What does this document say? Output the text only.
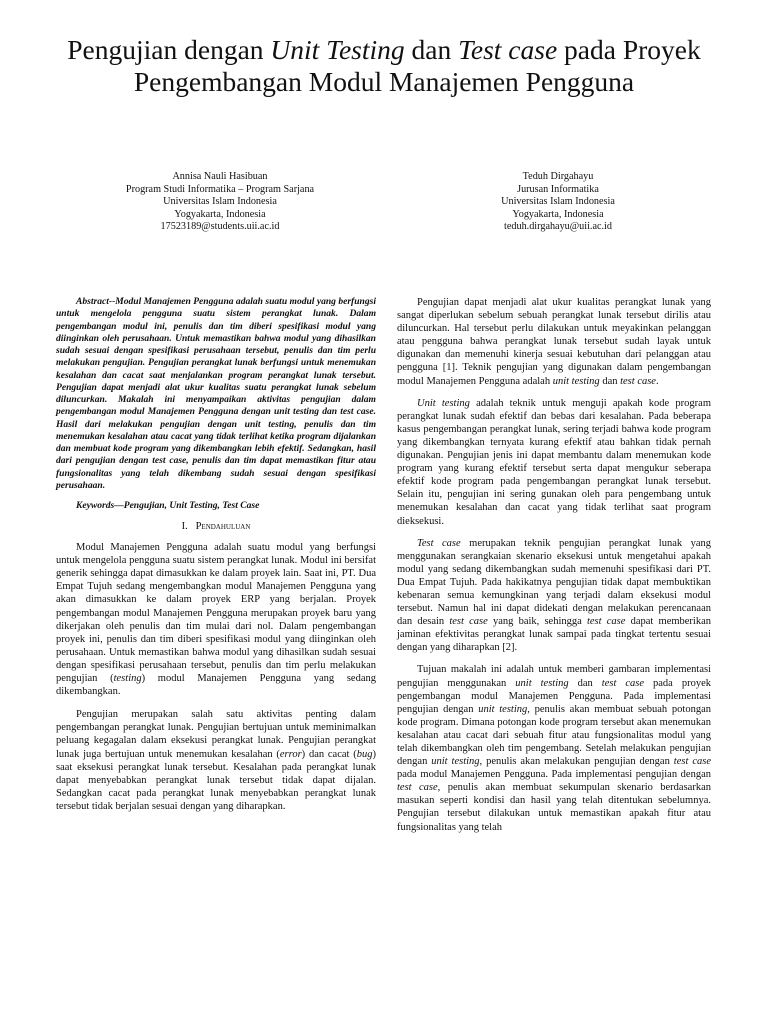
Pengujian dengan Unit Testing dan Test case pada Proyek Pengembangan Modul Manajemen Pengguna
Annisa Nauli Hasibuan
Program Studi Informatika – Program Sarjana
Universitas Islam Indonesia
Yogyakarta, Indonesia
17523189@students.uii.ac.id
Teduh Dirgahayu
Jurusan Informatika
Universitas Islam Indonesia
Yogyakarta, Indonesia
teduh.dirgahayu@uii.ac.id

Abstract--Modul Manajemen Pengguna adalah suatu modul yang berfungsi untuk mengelola pengguna suatu sistem perangkat lunak. Dalam pengembangan modul ini, penulis dan tim diberi spesifikasi modul yang diinginkan oleh perusahaan. Untuk memastikan bahwa modul yang dihasilkan sudah sesuai dengan spesifikasi perusahaan tersebut, penulis dan tim perlu melakukan pengujian. Pengujian perangkat lunak berfungsi untuk menemukan kesalahan dan cacat saat menjalankan program perangkat lunak tersebut. Pengujian dapat menjadi alat ukur kualitas suatu perangkat lunak sebelum diluncurkan. Makalah ini menyampaikan aktivitas pengujian dalam pengembangan modul Manajemen Pengguna dengan unit testing dan test case. Hasil dari melakukan pengujian dengan unit testing, penulis dan tim menemukan kesalahan atau cacat yang tidak terlihat ketika program dijalankan dan membuat kode program yang dikembangkan lebih efektif. Sedangkan, hasil dari pengujian dengan test case, penulis dan tim dapat memastikan fitur atau fungsionalitas yang telah dikembang sudah sesuai dengan spesifikasi perusahaan.

Keywords—Pengujian, Unit Testing, Test Case

I. Pendahuluan

Modul Manajemen Pengguna adalah suatu modul yang berfungsi untuk mengelola pengguna suatu sistem perangkat lunak. Modul ini bersifat generik sehingga dapat dimasukkan ke dalam proyek lain. Saat ini, PT. Dua Empat Tujuh sedang mengembangkan modul Manajemen Pengguna yang akan dimasukkan ke dalam proyek ERP yang berjalan. Proyek pengembangan modul Manajemen Pengguna merupakan proyek baru yang dikerjakan oleh penulis dan tim mulai dari nol. Dalam pengembangan proyek ini, penulis dan tim diberi spesifikasi modul yang diinginkan oleh perusahaan. Untuk memastikan bahwa modul yang dihasilkan sudah sesuai dengan spesifikasi perusahaan tersebut, penulis dan tim perlu melakukan pengujian (testing) modul Manajemen Pengguna yang sedang dikembangkan.

Pengujian merupakan salah satu aktivitas penting dalam pengembangan perangkat lunak. Pengujian bertujuan untuk meminimalkan peluang kegagalan dalam eksekusi perangkat lunak. Pengujian perangkat lunak juga bertujuan untuk menemukan kesalahan (error) dan cacat (bug) saat eksekusi perangkat lunak tersebut. Kesalahan pada perangkat lunak dapat menyebabkan perangkat lunak tersebut tidak dapat dijalan. Sedangkan cacat pada perangkat lunak menyebabkan perangkat lunak tersebut tidak berjalan sesuai dengan yang diharapkan.

Pengujian dapat menjadi alat ukur kualitas perangkat lunak yang sangat diperlukan sebelum sebuah perangkat lunak tersebut dirilis atau diluncurkan. Hal tersebut perlu dilakukan untuk meyakinkan pelanggan atau pengguna bahwa perangkat lunak tersebut sudah layak untuk digunakan dan memenuhi kinerja sesuai kebutuhan dari pelanggan atau pengguna [1]. Teknik pengujian yang digunakan dalam pengembangan modul Manajemen Pengguna adalah unit testing dan test case.

Unit testing adalah teknik untuk menguji apakah kode program perangkat lunak sudah efektif dan bebas dari kesalahan. Pada beberapa kasus pengembangan perangkat lunak, sering terjadi bahwa kode program yang dikembangkan ternyata kurang efektif atau bahkan tidak pernah digunakan. Pengujian jenis ini dapat membantu dalam menemukan kode program yang kurang efektif tersebut serta dapat mengukur seberapa efektif kode program pada pengembangan perangkat lunak tersebut. Selain itu, pengujian ini sering gunakan oleh para pengembang untuk menemukan kesalahan dan cacat yang tidak terlihat saat program dieksekusi.

Test case merupakan teknik pengujian perangkat lunak yang menggunakan serangkaian skenario eksekusi untuk mengetahui apakah modul yang sedang dikembangkan sudah memenuhi spesifikasi dari PT. Dua Empat Tujuh. Pada hakikatnya pengujian tidak dapat membuktikan kebenaran semua kemungkinan yang terjadi dalam eksekusi modul tersebut. Namun hal ini dapat didekati dengan melakukan perencanaan dan desain test case yang baik, sehingga test case dapat memberikan jaminan efektivitas perangkat lunak sampai pada tingkat tertentu sesuai dengan yang diharapkan [2].

Tujuan makalah ini adalah untuk memberi gambaran implementasi pengujian menggunakan unit testing dan test case pada proyek pengembangan modul Manajemen Pengguna. Pada implementasi pengujian dengan unit testing, penulis akan membuat sebuah potongan kode program. Dimana potongan kode program tersebut akan menemukan kesalahan atau cacat dari sebuah fitur atau fungsionalitas modul yang telah dikembangkan oleh tim pengembang. Setelah melakukan pengujian dengan unit testing, penulis akan melakukan pengujian dengan test case pada modul Manajemen Pengguna. Pada implementasi pengujian dengan test case, penulis akan membuat sekumpulan skenario berdasarkan masukan seperti kondisi dan hasil yang telah ditentukan sebelumnya. Pengujian tersebut dilakukan untuk memastikan apakah fitur atau fungsionalitas yang telah
